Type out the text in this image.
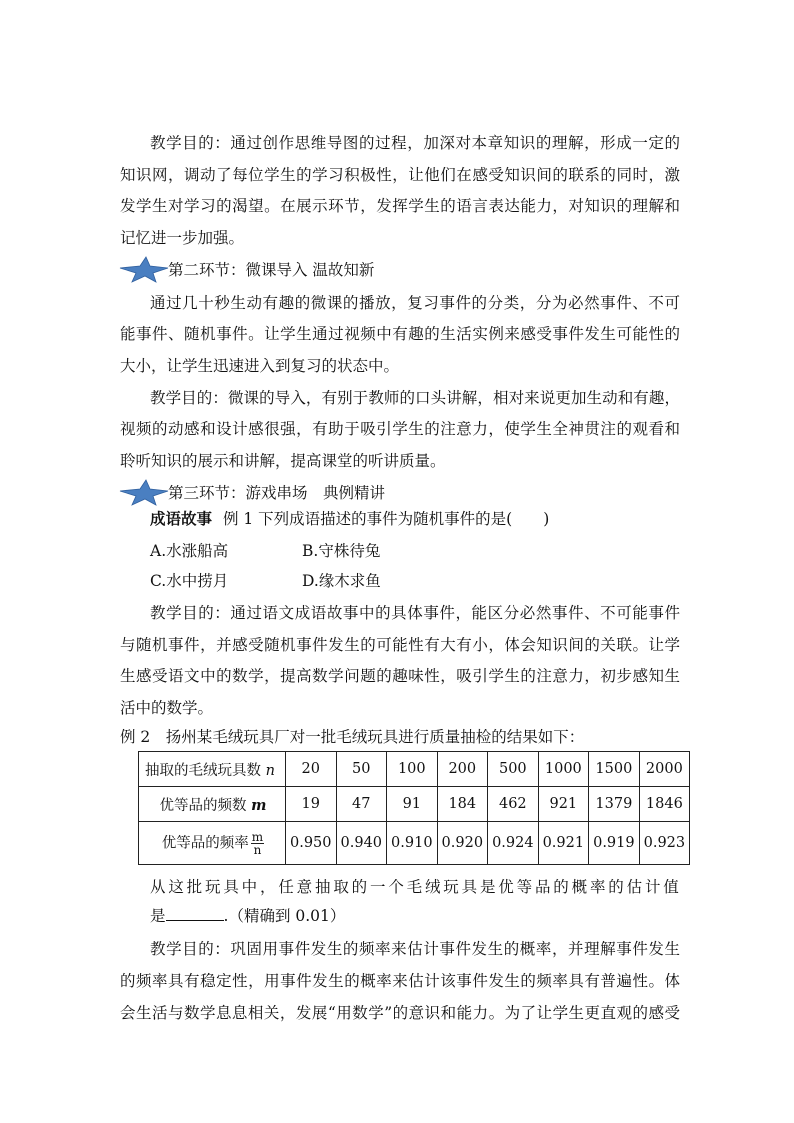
教学目的：通过创作思维导图的过程，加深对本章知识的理解，形成一定的
知识网，调动了每位学生的学习积极性，让他们在感受知识间的联系的同时，激
发学生对学习的渴望。在展示环节，发挥学生的语言表达能力，对知识的理解和
记忆进一步加强。
第二环节：微课导入 温故知新
通过几十秒生动有趣的微课的播放，复习事件的分类，分为必然事件、不可
能事件、随机事件。让学生通过视频中有趣的生活实例来感受事件发生可能性的
大小，让学生迅速进入到复习的状态中。
教学目的：微课的导入，有别于教师的口头讲解，相对来说更加生动和有趣，
视频的动感和设计感很强，有助于吸引学生的注意力，使学生全神贯注的观看和
聆听知识的展示和讲解，提高课堂的听讲质量。
第三环节：游戏串场　典例精讲
成语故事 例 1 下列成语描述的事件为随机事件的是(　　)
A.水涨船高	B.守株待兔
C.水中捞月	D.缘木求鱼
教学目的：通过语文成语故事中的具体事件，能区分必然事件、不可能事件
与随机事件，并感受随机事件发生的可能性有大有小，体会知识间的关联。让学
生感受语文中的数学，提高数学问题的趣味性，吸引学生的注意力，初步感知生
活中的数学。
例 2　扬州某毛绒玩具厂对一批毛绒玩具进行质量抽检的结果如下：
抽取的毛绒玩具数 n	20	50	100	200	500	1000	1500	2000
优等品的频数 m	19	47	91	184	462	921	1379	1846
优等品的频率 $\frac{m}{n}$	0.950	0.940	0.910	0.920	0.924	0.921	0.919	0.923
从这批玩具中，任意抽取的一个毛绒玩具是优等品的概率的估计值
是	.（精确到 0.01）
教学目的：巩固用事件发生的频率来估计事件发生的概率，并理解事件发生
的频率具有稳定性，用事件发生的概率来估计该事件发生的频率具有普遍性。体
会生活与数学息息相关，发展“用数学”的意识和能力。为了让学生更直观的感受
